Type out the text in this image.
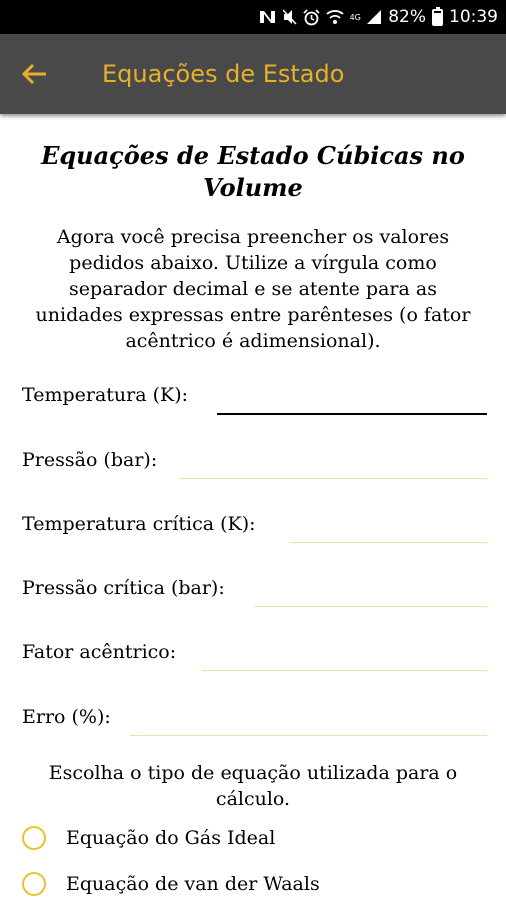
4G 82% 10:39
Equações de Estado
Equações de Estado Cúbicas no Volume
Agora você precisa preencher os valores pedidos abaixo. Utilize a vírgula como separador decimal e se atente para as unidades expressas entre parênteses (o fator acêntrico é adimensional).
Temperatura (K):
Pressão (bar):
Temperatura crítica (K):
Pressão crítica (bar):
Fator acêntrico:
Erro (%):
Escolha o tipo de equação utilizada para o cálculo.
Equação do Gás Ideal
Equação de van der Waals
